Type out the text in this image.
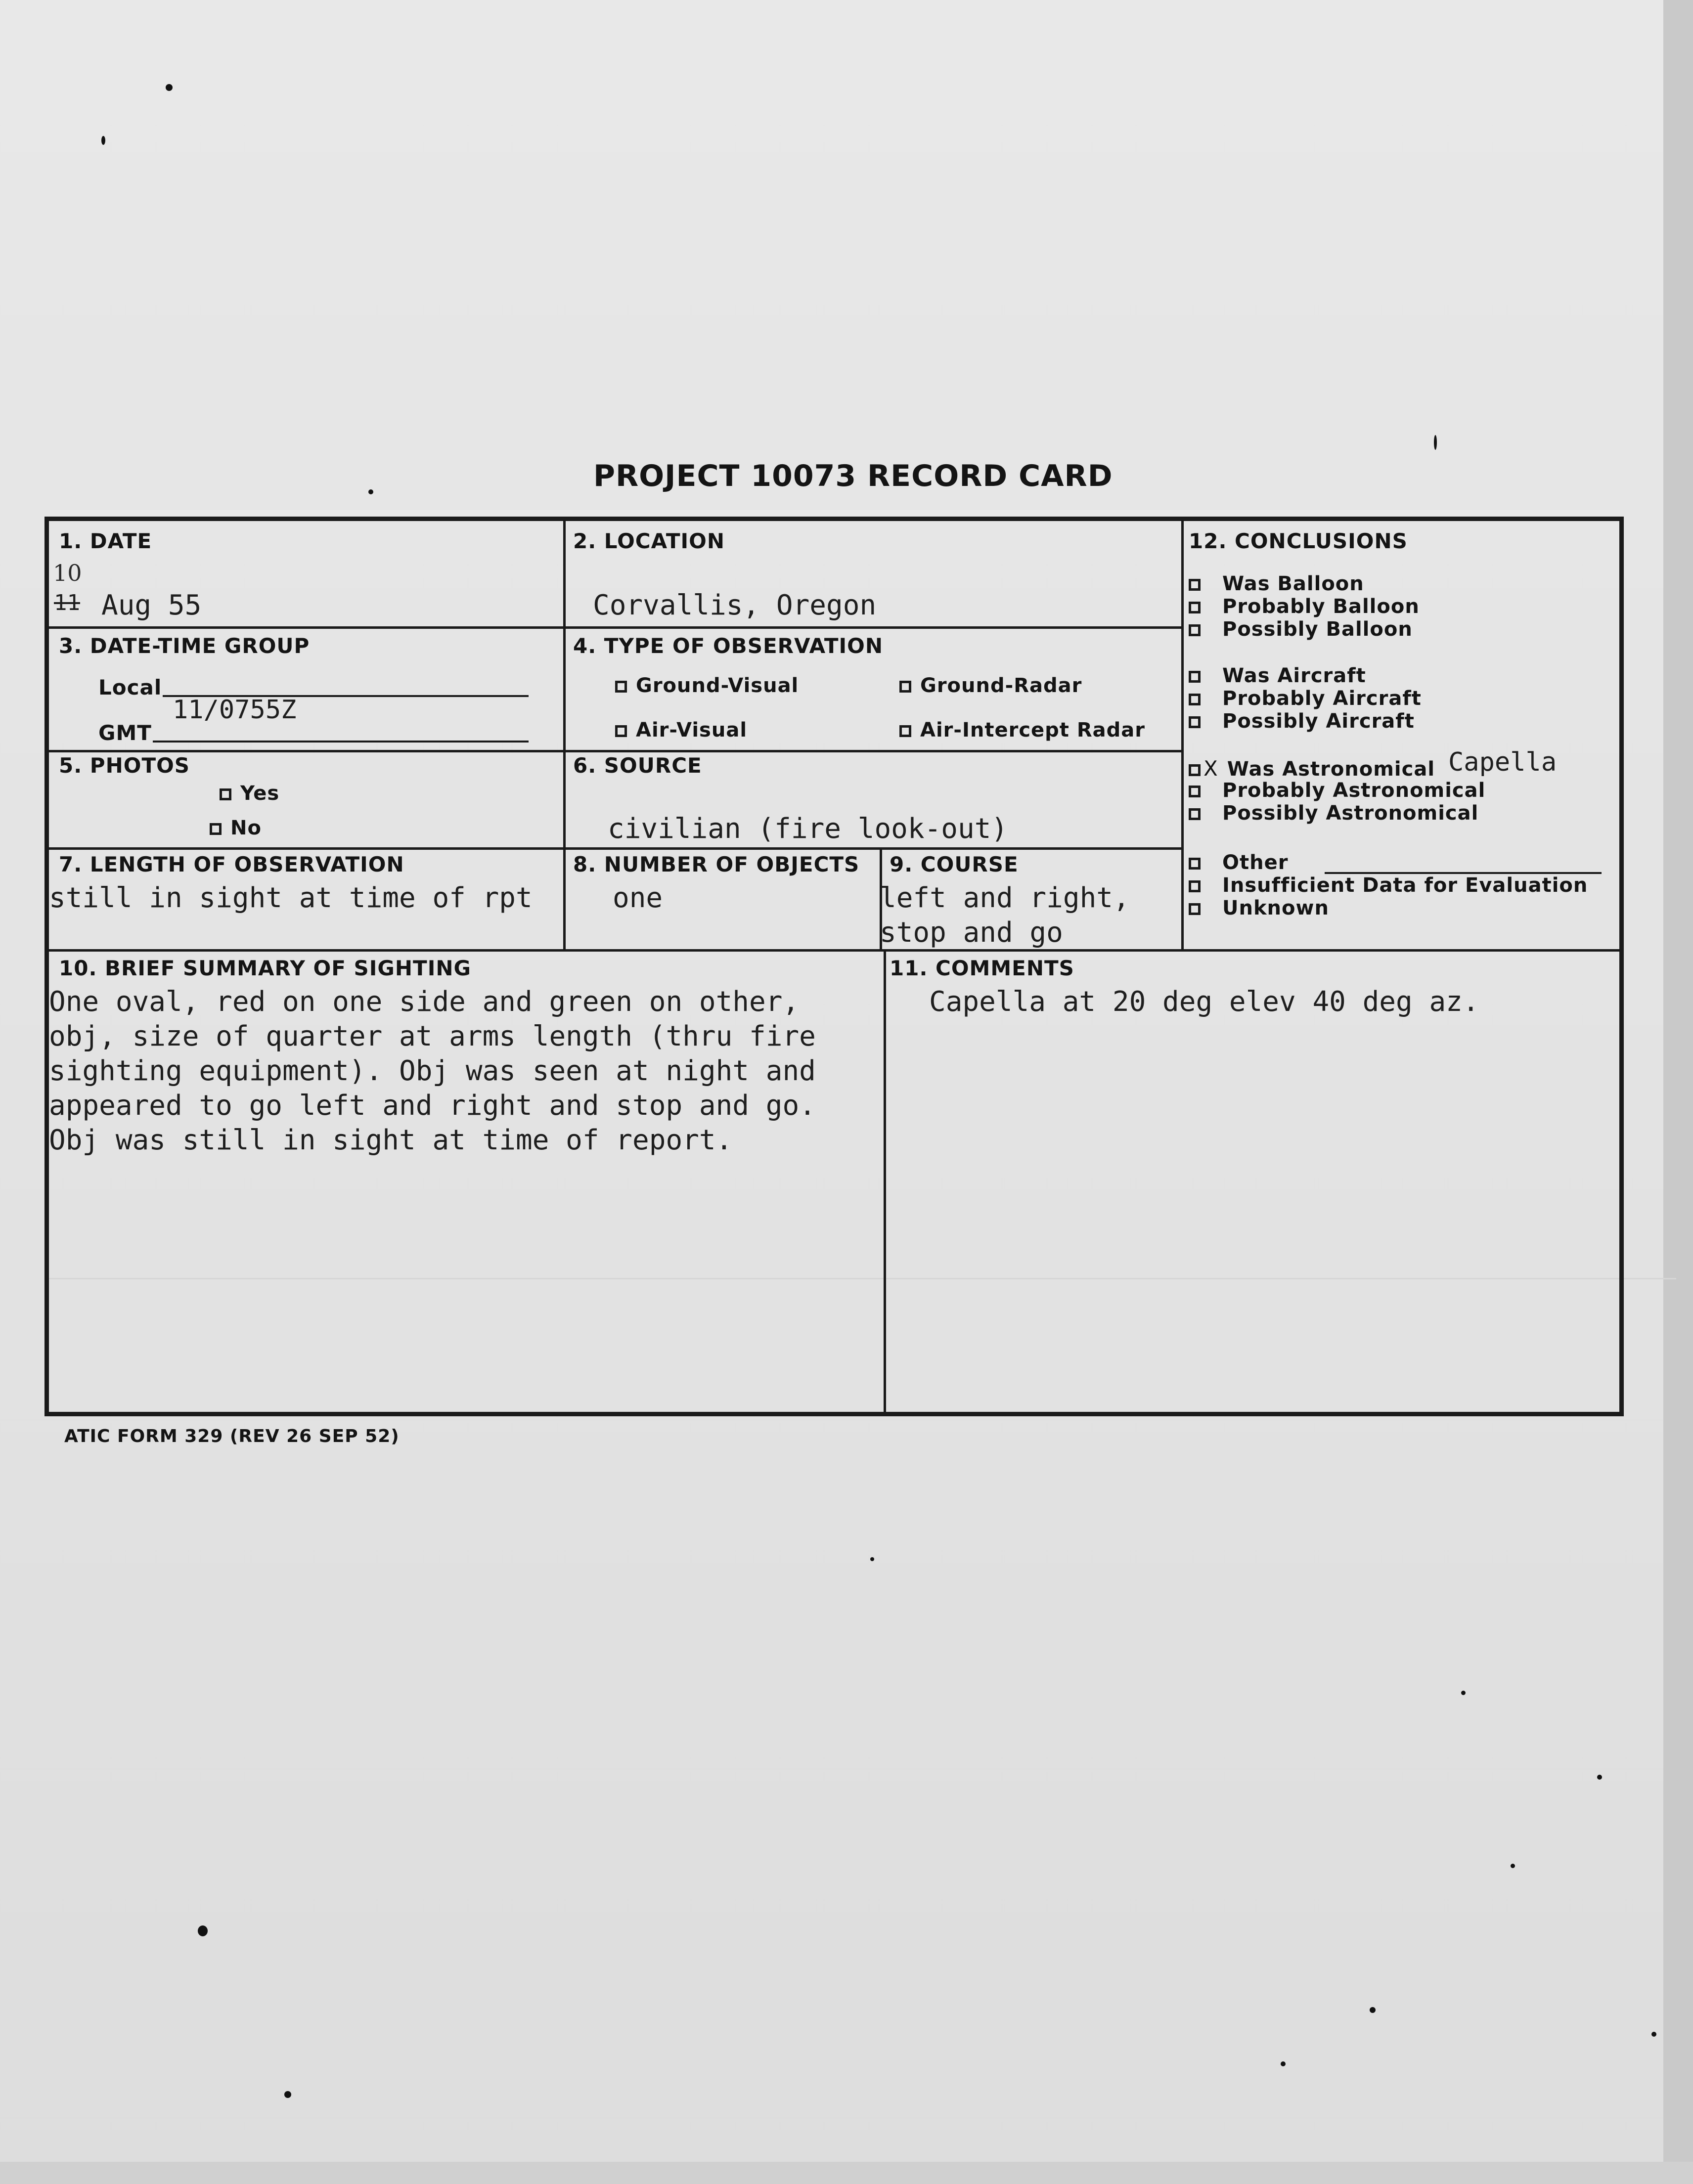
PROJECT 10073 RECORD CARD
1. DATE
10
11 Aug 55
2. LOCATION
Corvallis, Oregon
3. DATE-TIME GROUP
Local
11/0755Z
GMT
4. TYPE OF OBSERVATION
Ground-Visual	Ground-Radar
Air-Visual	Air-Intercept Radar
5. PHOTOS
Yes
No
6. SOURCE
civilian (fire look-out)
7. LENGTH OF OBSERVATION
still in sight at time of rpt
8. NUMBER OF OBJECTS
one
9. COURSE
left and right,
stop and go
10. BRIEF SUMMARY OF SIGHTING
One oval, red on one side and green on other,
obj, size of quarter at arms length (thru fire
sighting equipment). Obj was seen at night and
appeared to go left and right and stop and go.
Obj was still in sight at time of report.
11. COMMENTS
Capella at 20 deg elev 40 deg az.
12. CONCLUSIONS
Was Balloon
Probably Balloon
Possibly Balloon
Was Aircraft
Probably Aircraft
Possibly Aircraft
X Was Astronomical Capella
Probably Astronomical
Possibly Astronomical
Other
Insufficient Data for Evaluation
Unknown
ATIC FORM 329 (REV 26 SEP 52)
